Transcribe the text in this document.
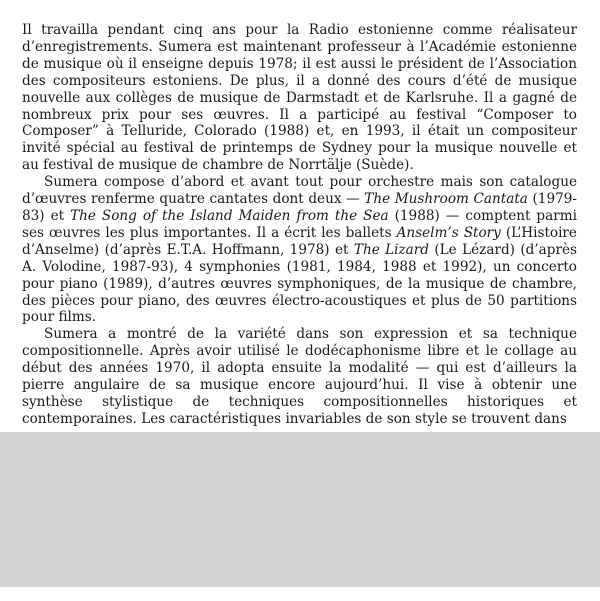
Il travailla pendant cinq ans pour la Radio estonienne comme réalisateur d’enregistrements. Sumera est maintenant professeur à l’Académie estonienne de musique où il enseigne depuis 1978; il est aussi le président de l’Association des compositeurs estoniens. De plus, il a donné des cours d’été de musique nouvelle aux collèges de musique de Darmstadt et de Karlsruhe. Il a gagné de nombreux prix pour ses œuvres. Il a participé au festival “Composer to Composer” à Telluride, Colorado (1988) et, en 1993, il était un compositeur invité spécial au festival de printemps de Sydney pour la musique nouvelle et au festival de musique de chambre de Norrtälje (Suède).

Sumera compose d’abord et avant tout pour orchestre mais son catalogue d’œuvres renferme quatre cantates dont deux — The Mushroom Cantata (1979-83) et The Song of the Island Maiden from the Sea (1988) — comptent parmi ses œuvres les plus importantes. Il a écrit les ballets Anselm’s Story (L’Histoire d’Anselme) (d’après E.T.A. Hoffmann, 1978) et The Lizard (Le Lézard) (d’après A. Volodine, 1987-93), 4 symphonies (1981, 1984, 1988 et 1992), un concerto pour piano (1989), d’autres œuvres symphoniques, de la musique de chambre, des pièces pour piano, des œuvres électro-acoustiques et plus de 50 partitions pour films.

Sumera a montré de la variété dans son expression et sa technique compositionnelle. Après avoir utilisé le dodécaphonisme libre et le collage au début des années 1970, il adopta ensuite la modalité — qui est d’ailleurs la pierre angulaire de sa musique encore aujourd’hui. Il vise à obtenir une synthèse stylistique de techniques compositionnelles historiques et contemporaines. Les caractéristiques invariables de son style se trouvent dans
